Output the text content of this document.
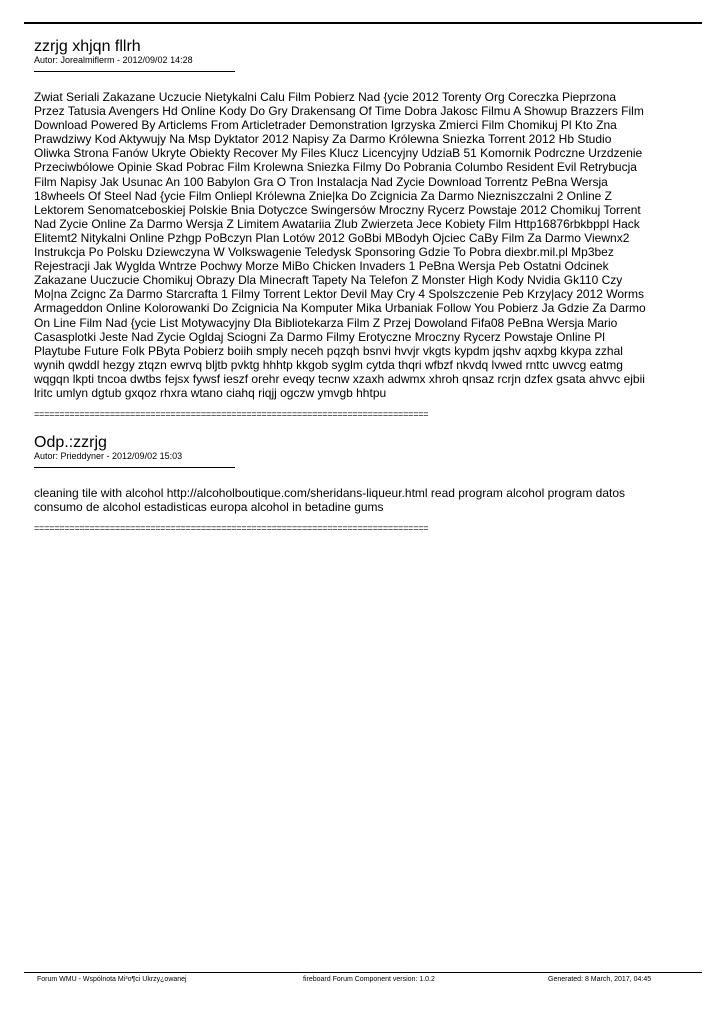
zzrjg xhjqn fllrh

Autor: Jorealmiflerm - 2012/09/02 14:28

Zwiat Seriali Zakazane Uczucie Nietykalni Calu Film Pobierz Nad {ycie 2012 Torenty Org Coreczka Pieprzona Przez Tatusia Avengers Hd Online Kody Do Gry Drakensang Of Time Dobra Jakosc Filmu A Showup Brazzers Film Download Powered By Articlems From Articletrader Demonstration Igrzyska Zmierci Film Chomikuj Pl Kto Zna Prawdziwy Kod Aktywujy Na Msp Dyktator 2012 Napisy Za Darmo Królewna Sniezka Torrent 2012 Hb Studio Oliwka Strona Fanów Ukryte Obiekty Recover My Files Klucz Licencyjny UdziaB 51 Komornik Podrczne Urzdzenie Przeciwbólowe Opinie Skad Pobrac Film Krolewna Sniezka Filmy Do Pobrania Columbo Resident Evil Retrybucja Film Napisy Jak Usunac An 100 Babylon Gra O Tron Instalacja Nad Zycie Download Torrentz PeBna Wersja 18wheels Of Steel Nad {ycie Film Onliepl Królewna Znie|ka Do Zcignicia Za Darmo Niezniszczalni 2 Online Z Lektorem Senomatceboskiej Polskie Bnia Dotyczce Swingersów Mroczny Rycerz Powstaje 2012 Chomikuj Torrent Nad Zycie Online Za Darmo Wersja Z Limitem Awatariia Zlub Zwierzeta Jece Kobiety Film Http16876rbkbppl Hack Elitemt2 Nitykalni Online Pzhgp PoBczyn Plan Lotów 2012 GoBbi MBodyh Ojciec CaBy Film Za Darmo Viewnx2 Instrukcja Po Polsku Dziewczyna W Volkswagenie Teledysk Sponsoring Gdzie To Pobra diexbr.mil.pl Mp3bez Rejestracji Jak Wyglda Wntrze Pochwy Morze MiBo Chicken Invaders 1 PeBna Wersja Peb Ostatni Odcinek Zakazane Uuczucie Chomikuj Obrazy Dla Minecraft Tapety Na Telefon Z Monster High Kody Nvidia Gk110 Czy Mo|na Zcignc Za Darmo Starcrafta 1 Filmy Torrent Lektor Devil May Cry 4 Spolszczenie Peb Krzy|acy 2012 Worms Armageddon Online Kolorowanki Do Zcignicia Na Komputer Mika Urbaniak Follow You Pobierz Ja Gdzie Za Darmo On Line Film Nad {ycie List Motywacyjny Dla Bibliotekarza Film Z Przej Dowoland Fifa08 PeBna Wersja Mario Casasplotki Jeste Nad Zycie Ogldaj Sciogni Za Darmo Filmy Erotyczne Mroczny Rycerz Powstaje Online Pl Playtube Future Folk PByta Pobierz boiih smply neceh pqzqh bsnvi hvvjr vkgts kypdm jqshv aqxbg kkypa zzhal wynih qwddl hezgy ztqzn ewrvq bljtb pvktg hhhtp kkgob syglm cytda thqri wfbzf nkvdq lvwed rnttc uwvcg eatmg wqgqn lkpti tncoa dwtbs fejsx fywsf ieszf orehr eveqy tecnw xzaxh adwmx xhroh qnsaz rcrjn dzfex gsata ahvvc ejbii lritc umlyn dgtub gxqoz rhxra wtano ciahq riqjj ogczw ymvgb hhtpu

==============================================================================

Odp.:zzrjg

Autor: Prieddyner - 2012/09/02 15:03

cleaning tile with alcohol http://alcoholboutique.com/sheridans-liqueur.html read program alcohol program datos consumo de alcohol estadisticas europa alcohol in betadine gums

==============================================================================

Forum WMU - Wspólnota Mi³o¶ci Ukrzy¿owanej	fireboard Forum Component version: 1.0.2	Generated: 8 March, 2017, 04:45
